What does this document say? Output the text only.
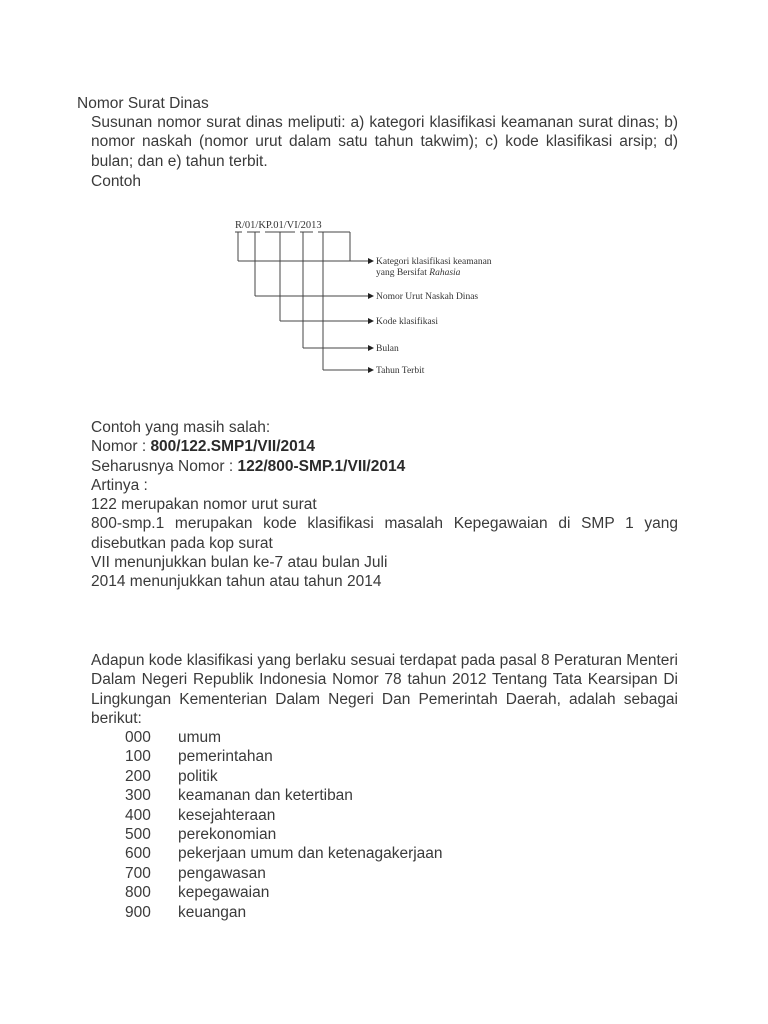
Nomor Surat Dinas
Susunan nomor surat dinas meliputi: a) kategori klasifikasi keamanan surat dinas; b) nomor naskah (nomor urut dalam satu tahun takwim); c) kode klasifikasi arsip; d) bulan; dan e) tahun terbit.
Contoh
R/01/KP.01/VI/2013
Kategori klasifikasi keamanan
yang Bersifat Rahasia
Nomor Urut Naskah Dinas
Kode klasifikasi
Bulan
Tahun Terbit
Contoh yang masih salah:
Nomor : 800/122.SMP1/VII/2014
Seharusnya Nomor : 122/800-SMP.1/VII/2014
Artinya :
122 merupakan nomor urut surat
800-smp.1 merupakan kode klasifikasi masalah Kepegawaian di SMP 1 yang disebutkan pada kop surat
VII menunjukkan bulan ke-7 atau bulan Juli
2014 menunjukkan tahun atau tahun 2014
Adapun kode klasifikasi yang berlaku sesuai terdapat pada pasal 8 Peraturan Menteri Dalam Negeri Republik Indonesia Nomor 78 tahun 2012 Tentang Tata Kearsipan Di Lingkungan Kementerian Dalam Negeri Dan Pemerintah Daerah, adalah sebagai berikut:
000 umum
100 pemerintahan
200 politik
300 keamanan dan ketertiban
400 kesejahteraan
500 perekonomian
600 pekerjaan umum dan ketenagakerjaan
700 pengawasan
800 kepegawaian
900 keuangan
